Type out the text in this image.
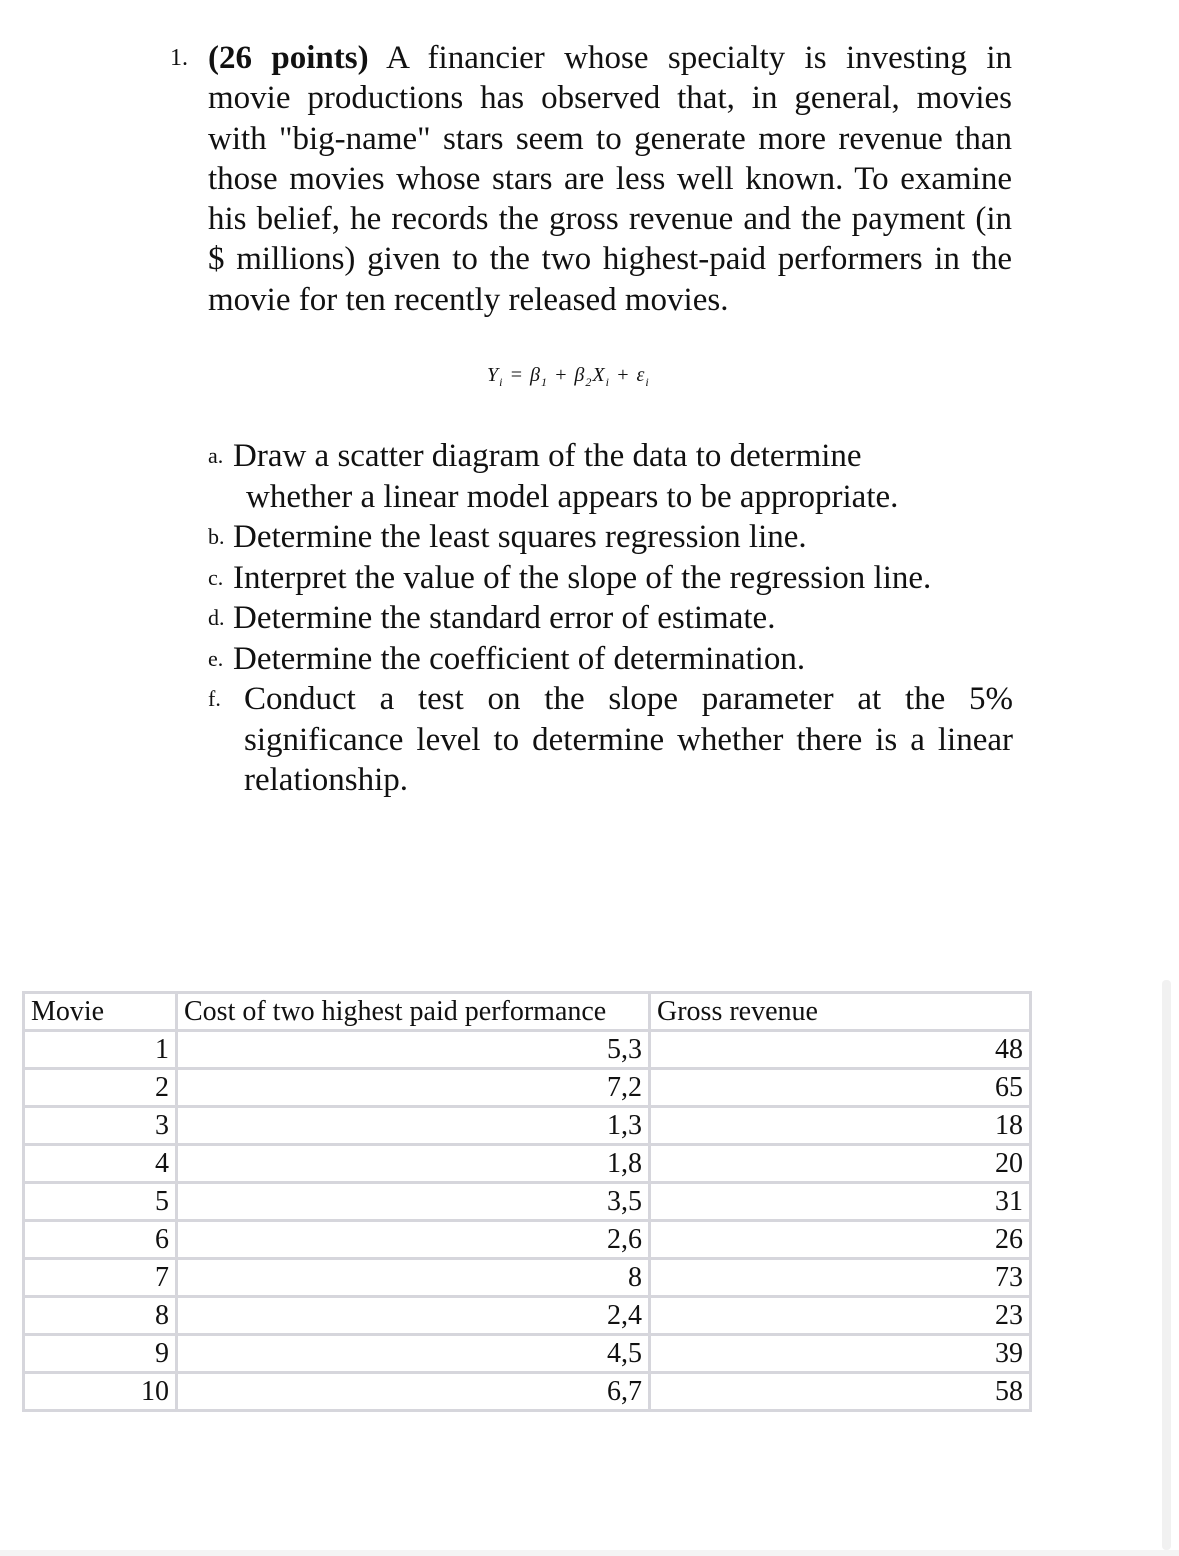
1. (26 points) A financier whose specialty is investing in movie productions has observed that, in general, movies with "big-name" stars seem to generate more revenue than those movies whose stars are less well known. To examine his belief, he records the gross revenue and the payment (in $ millions) given to the two highest-paid performers in the movie for ten recently released movies.
$Y_i = \beta_1 + \beta_2X_i + \varepsilon_i$
a. Draw a scatter diagram of the data to determine
whether a linear model appears to be appropriate.
b. Determine the least squares regression line.
c. Interpret the value of the slope of the regression line.
d. Determine the standard error of estimate.
e. Determine the coefficient of determination.
f. Conduct a test on the slope parameter at the 5% significance level to determine whether there is a linear relationship.
Movie	Cost of two highest paid performance	Gross revenue
1	5,3	48
2	7,2	65
3	1,3	18
4	1,8	20
5	3,5	31
6	2,6	26
7	8	73
8	2,4	23
9	4,5	39
10	6,7	58
